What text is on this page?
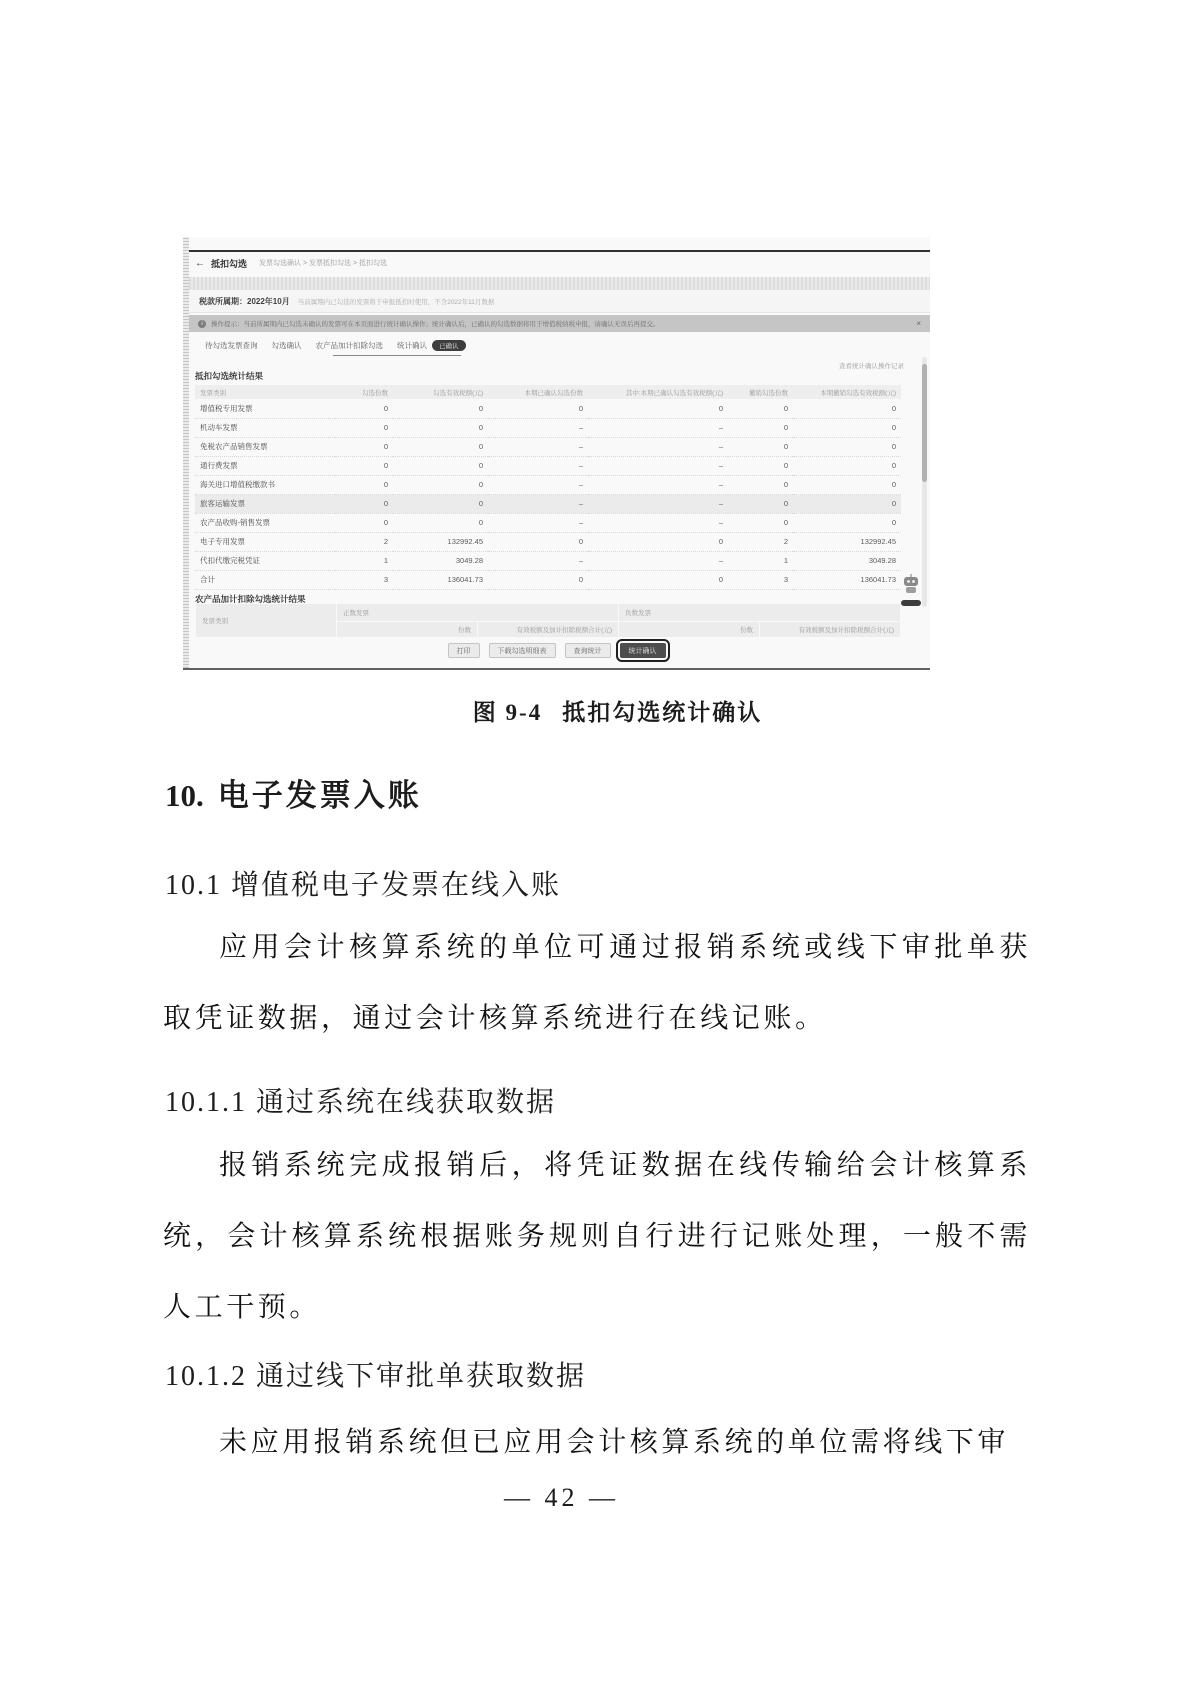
← 抵扣勾选 发票勾选确认 > 发票抵扣勾选 > 抵扣勾选
税款所属期： 2022年10月 当前属期内已勾选的发票将于申报抵扣时使用，不含2022年11月数据
i	操作提示：当前所属期内已勾选未确认的发票可在本页面进行统计确认操作；统计确认后，已确认的勾选数据将用于增值税纳税申报，请确认无误后再提交。	×
待勾选发票查询 勾选确认 农产品加计扣除勾选 统计确认	已确认
查看统计确认操作记录
抵扣勾选统计结果
发票类别	勾选份数	勾选有效税额(元)	本期已确认勾选份数	其中:本期已确认勾选有效税额(元)	撤销勾选份数	本期撤销勾选有效税额(元)
增值税专用发票	0	0	0	0	0	0
机动车发票	0	0	–	–	0	0
免税农产品销售发票	0	0	–	–	0	0
通行费发票	0	0	–	–	0	0
海关进口增值税缴款书	0	0	–	–	0	0
旅客运输发票	0	0	–	–	0	0
农产品收购-销售发票	0	0	–	–	0	0
电子专用发票	2	132992.45	0	0	2	132992.45
代扣代缴完税凭证	1	3049.28	–	–	1	3049.28
合计	3	136041.73	0	0	3	136041.73
农产品加计扣除勾选统计结果
发票类别	正数发票		负数发票	
	份数	有效税额及加计扣除税额合计(元)	份数	有效税额及加计扣除税额合计(元)
打印	下载勾选明细表	查询统计	统计确认
图 9-4 抵扣勾选统计确认
10. 电子发票入账
10.1 增值税电子发票在线入账
应用会计核算系统的单位可通过报销系统或线下审批单获取凭证数据，通过会计核算系统进行在线记账。
10.1.1 通过系统在线获取数据
报销系统完成报销后，将凭证数据在线传输给会计核算系统，会计核算系统根据账务规则自行进行记账处理，一般不需人工干预。
10.1.2 通过线下审批单获取数据
未应用报销系统但已应用会计核算系统的单位需将线下审
— 42 —
